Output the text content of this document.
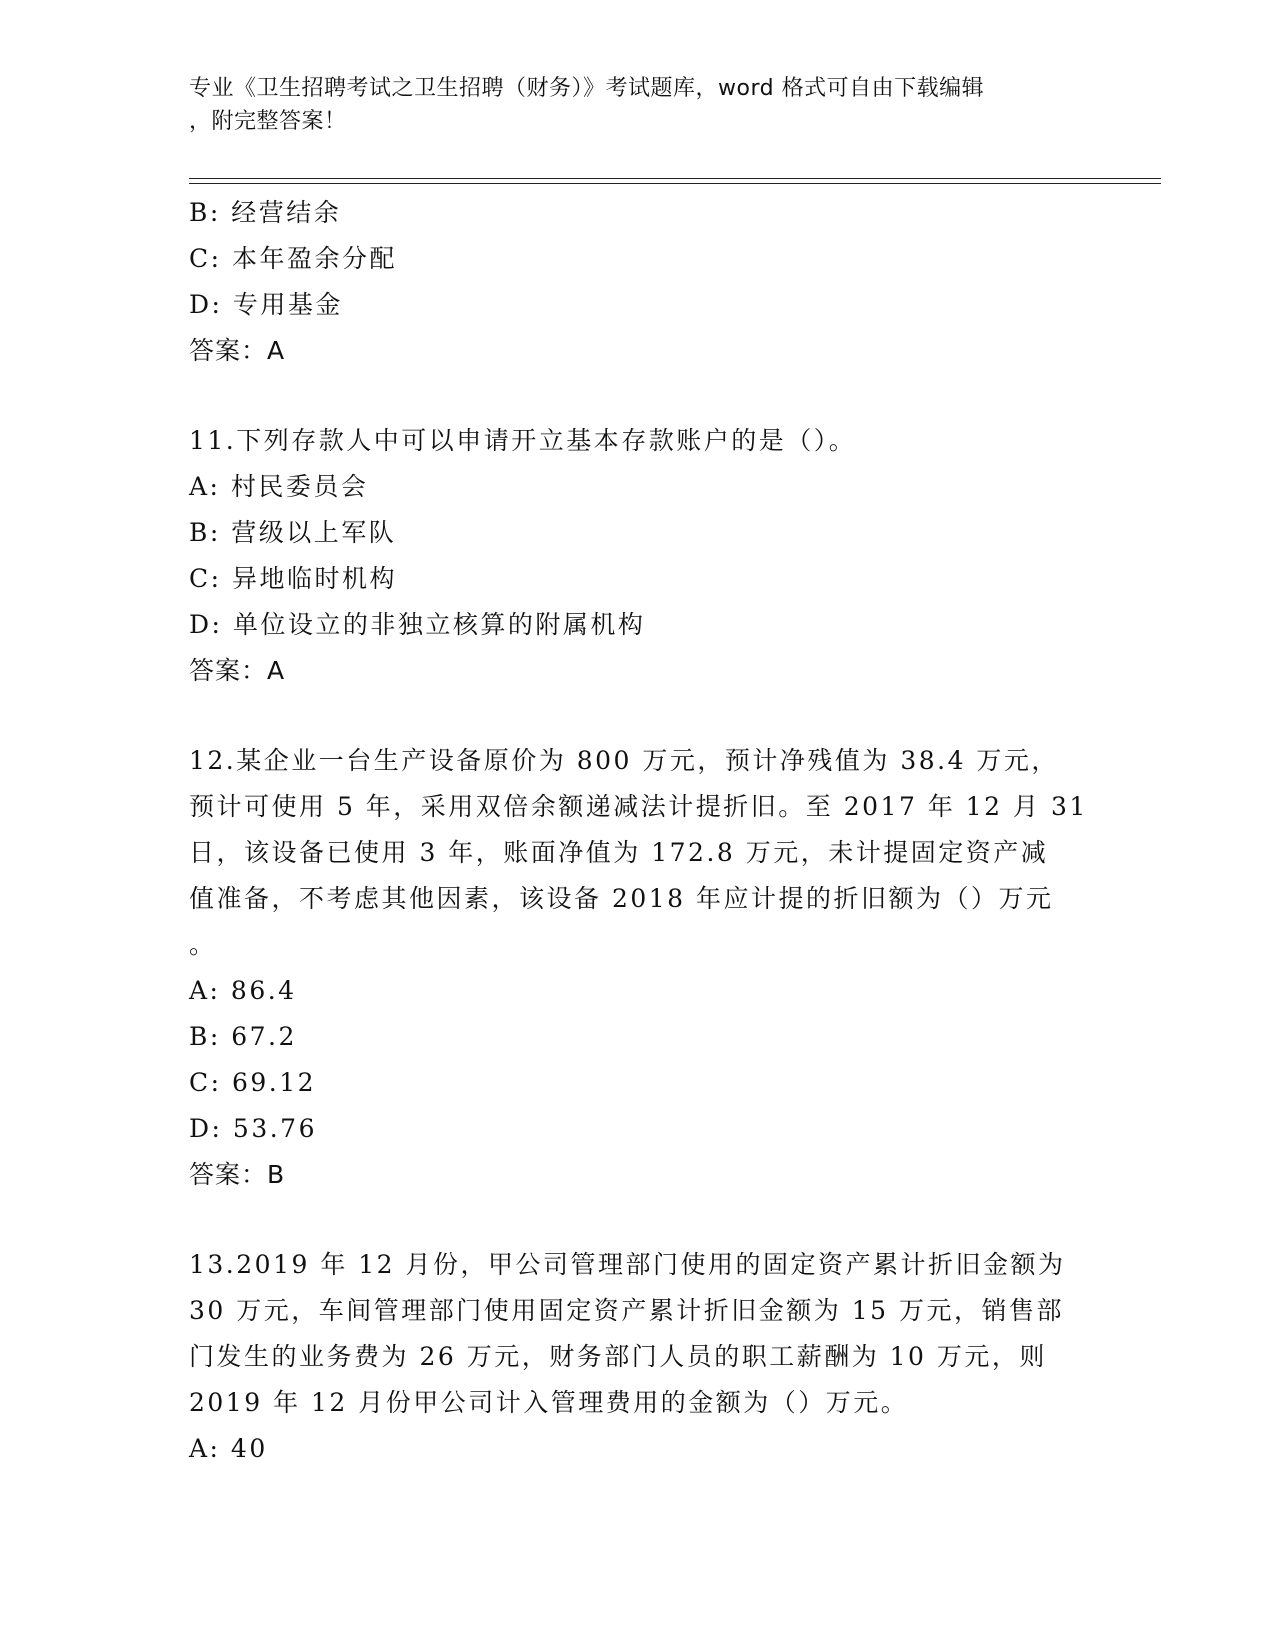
专业《卫生招聘考试之卫生招聘（财务）》考试题库，word 格式可自由下载编辑
，附完整答案！
B: 经营结余
C: 本年盈余分配
D: 专用基金
答案：A
11.下列存款人中可以申请开立基本存款账户的是（）。
A: 村民委员会
B: 营级以上军队
C: 异地临时机构
D: 单位设立的非独立核算的附属机构
答案：A
12.某企业一台生产设备原价为 800 万元，预计净残值为 38.4 万元，
预计可使用 5 年，采用双倍余额递减法计提折旧。至 2017 年 12 月 31
日，该设备已使用 3 年，账面净值为 172.8 万元，未计提固定资产减
值准备，不考虑其他因素，该设备 2018 年应计提的折旧额为（）万元
。
A: 86.4
B: 67.2
C: 69.12
D: 53.76
答案：B
13.2019 年 12 月份，甲公司管理部门使用的固定资产累计折旧金额为
30 万元，车间管理部门使用固定资产累计折旧金额为 15 万元，销售部
门发生的业务费为 26 万元，财务部门人员的职工薪酬为 10 万元，则
2019 年 12 月份甲公司计入管理费用的金额为（）万元。
A: 40
